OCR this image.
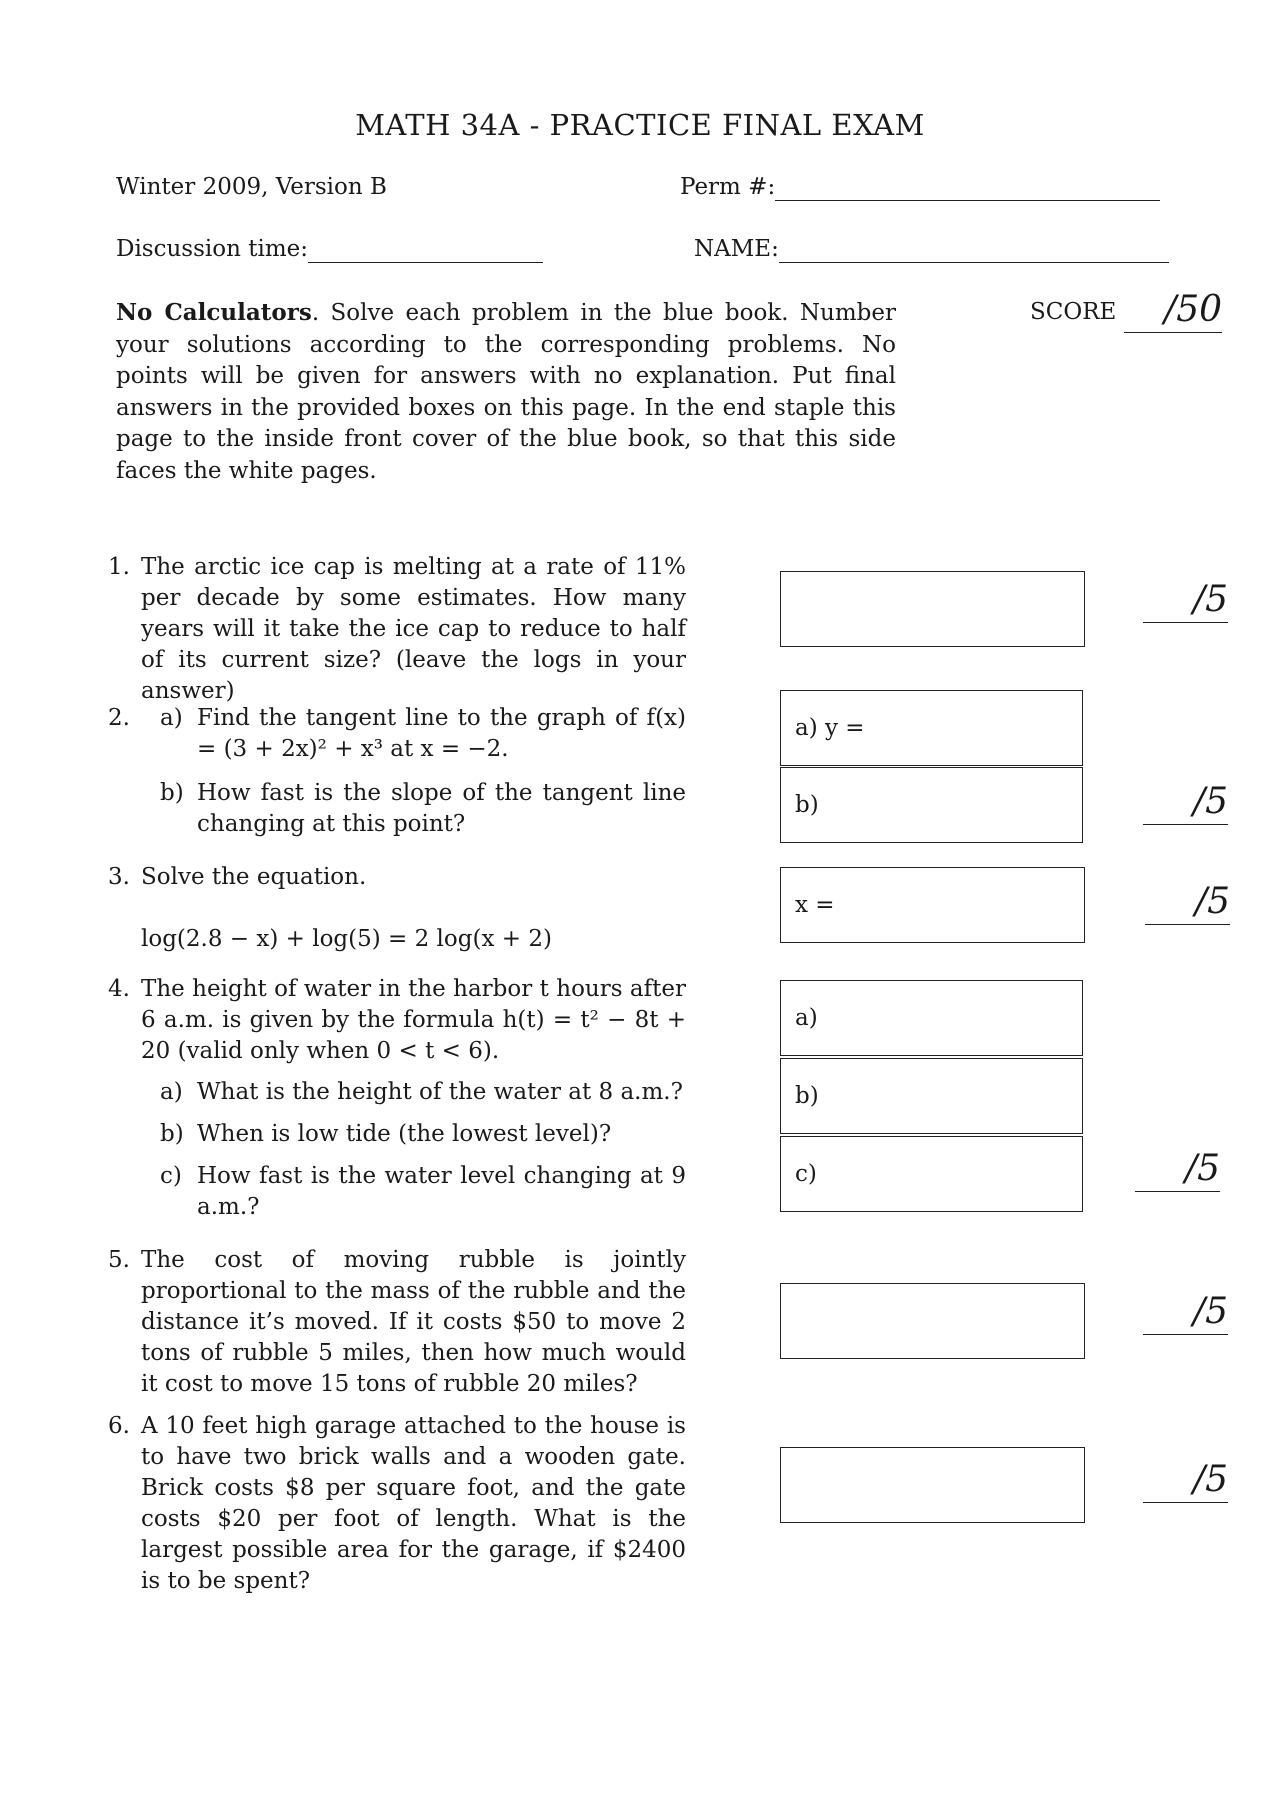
MATH 34A - PRACTICE FINAL EXAM
Winter 2009, Version B	Perm #:
Discussion time:	NAME:
No Calculators. Solve each problem in the blue book. Number your solutions according to the corresponding problems. No points will be given for answers with no explanation. Put final answers in the provided boxes on this page. In the end staple this page to the inside front cover of the blue book, so that this side faces the white pages.
SCORE	/50
1. The arctic ice cap is melting at a rate of 11% per decade by some estimates. How many years will it take the ice cap to reduce to half of its current size? (leave the logs in your answer)
/5
2. a) Find the tangent line to the graph of f(x) = (3 + 2x)² + x³ at x = −2.
b) How fast is the slope of the tangent line changing at this point?
a) y =
b)	/5
3. Solve the equation.
log(2.8 − x) + log(5) = 2 log(x + 2)
x =	/5
4. The height of water in the harbor t hours after 6 a.m. is given by the formula h(t) = t² − 8t + 20 (valid only when 0 < t < 6).
a) What is the height of the water at 8 a.m.?
b) When is low tide (the lowest level)?
c) How fast is the water level changing at 9 a.m.?
a)
b)
c)	/5
5. The cost of moving rubble is jointly proportional to the mass of the rubble and the distance it’s moved. If it costs $50 to move 2 tons of rubble 5 miles, then how much would it cost to move 15 tons of rubble 20 miles?
/5
6. A 10 feet high garage attached to the house is to have two brick walls and a wooden gate. Brick costs $8 per square foot, and the gate costs $20 per foot of length. What is the largest possible area for the garage, if $2400 is to be spent?
/5
